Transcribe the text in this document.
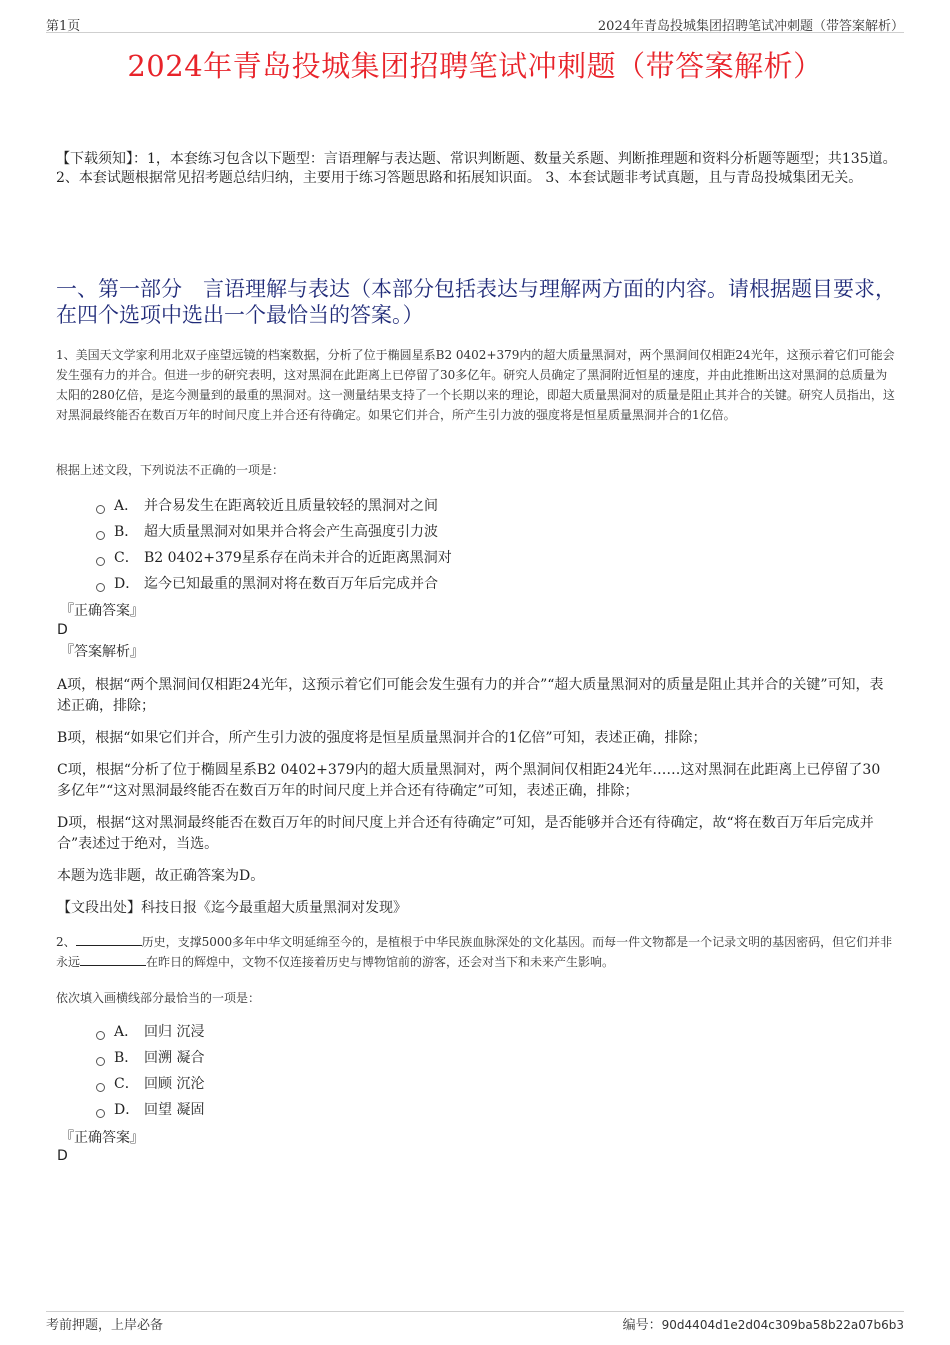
第1页	2024年青岛投城集团招聘笔试冲刺题（带答案解析）
2024年青岛投城集团招聘笔试冲刺题（带答案解析）
【下载须知】：1，本套练习包含以下题型：言语理解与表达题、常识判断题、数量关系题、判断推理题和资料分析题等题型；共135道。 2、本套试题根据常见招考题总结归纳，主要用于练习答题思路和拓展知识面。 3、本套试题非考试真题，且与青岛投城集团无关。
一、第一部分　言语理解与表达（本部分包括表达与理解两方面的内容。请根据题目要求，在四个选项中选出一个最恰当的答案。）
1、美国天文学家利用北双子座望远镜的档案数据，分析了位于椭圆星系B2 0402+379内的超大质量黑洞对，两个黑洞间仅相距24光年，这预示着它们可能会发生强有力的并合。但进一步的研究表明，这对黑洞在此距离上已停留了30多亿年。研究人员确定了黑洞附近恒星的速度，并由此推断出这对黑洞的总质量为太阳的280亿倍，是迄今测量到的最重的黑洞对。这一测量结果支持了一个长期以来的理论，即超大质量黑洞对的质量是阻止其并合的关键。研究人员指出，这对黑洞最终能否在数百万年的时间尺度上并合还有待确定。如果它们并合，所产生引力波的强度将是恒星质量黑洞并合的1亿倍。
根据上述文段，下列说法不正确的一项是：
A． 并合易发生在距离较近且质量较轻的黑洞对之间
B． 超大质量黑洞对如果并合将会产生高强度引力波
C． B2 0402+379星系存在尚未并合的近距离黑洞对
D． 迄今已知最重的黑洞对将在数百万年后完成并合
『正确答案』
D
『答案解析』

A项，根据“两个黑洞间仅相距24光年，这预示着它们可能会发生强有力的并合”“超大质量黑洞对的质量是阻止其并合的关键”可知，表述正确，排除；

B项，根据“如果它们并合，所产生引力波的强度将是恒星质量黑洞并合的1亿倍”可知，表述正确，排除；

C项，根据“分析了位于椭圆星系B2 0402+379内的超大质量黑洞对，两个黑洞间仅相距24光年……这对黑洞在此距离上已停留了30多亿年”“这对黑洞最终能否在数百万年的时间尺度上并合还有待确定”可知，表述正确，排除；

D项，根据“这对黑洞最终能否在数百万年的时间尺度上并合还有待确定”可知，是否能够并合还有待确定，故“将在数百万年后完成并合”表述过于绝对，当选。

本题为选非题，故正确答案为D。

【文段出处】科技日报《迄今最重超大质量黑洞对发现》

2、	历史，支撑5000多年中华文明延绵至今的，是植根于中华民族血脉深处的文化基因。而每一件文物都是一个记录文明的基因密码，但它们并非永远	在昨日的辉煌中，文物不仅连接着历史与博物馆前的游客，还会对当下和未来产生影响。
依次填入画横线部分最恰当的一项是：
A． 回归 沉浸
B． 回溯 凝合
C． 回顾 沉沦
D． 回望 凝固
『正确答案』
D
考前押题，上岸必备	编号：90d4404d1e2d04c309ba58b22a07b6b3
